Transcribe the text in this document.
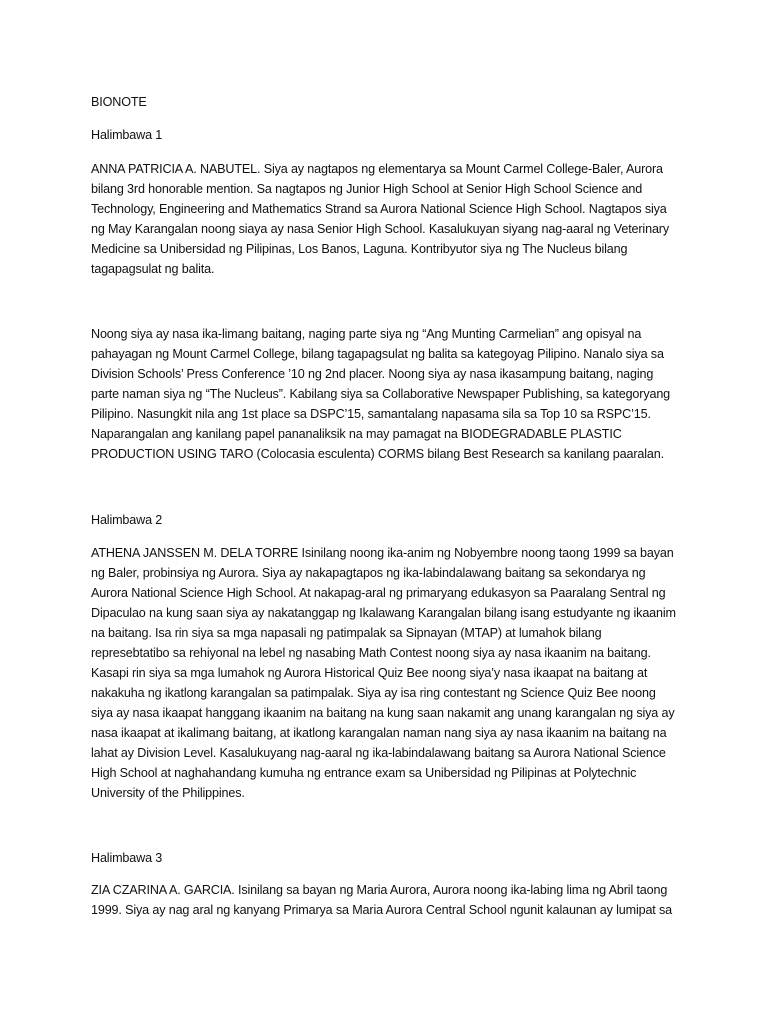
BIONOTE
Halimbawa 1
ANNA PATRICIA A. NABUTEL. Siya ay nagtapos ng elementarya sa Mount Carmel College-Baler, Aurora
bilang 3rd honorable mention. Sa nagtapos ng Junior High School at Senior High School Science and
Technology, Engineering and Mathematics Strand sa Aurora National Science High School. Nagtapos siya
ng May Karangalan noong siaya ay nasa Senior High School. Kasalukuyan siyang nag-aaral ng Veterinary
Medicine sa Unibersidad ng Pilipinas, Los Banos, Laguna. Kontribyutor siya ng The Nucleus bilang
tagapagsulat ng balita.
Noong siya ay nasa ika-limang baitang, naging parte siya ng “Ang Munting Carmelian” ang opisyal na
pahayagan ng Mount Carmel College, bilang tagapagsulat ng balita sa kategoyag Pilipino. Nanalo siya sa
Division Schools’ Press Conference ’10 ng 2nd placer. Noong siya ay nasa ikasampung baitang, naging
parte naman siya ng “The Nucleus”. Kabilang siya sa Collaborative Newspaper Publishing, sa kategoryang
Pilipino. Nasungkit nila ang 1st place sa DSPC’15, samantalang napasama sila sa Top 10 sa RSPC’15.
Naparangalan ang kanilang papel pananaliksik na may pamagat na BIODEGRADABLE PLASTIC
PRODUCTION USING TARO (Colocasia esculenta) CORMS bilang Best Research sa kanilang paaralan.
Halimbawa 2
ATHENA JANSSEN M. DELA TORRE Isinilang noong ika-anim ng Nobyembre noong taong 1999 sa bayan
ng Baler, probinsiya ng Aurora. Siya ay nakapagtapos ng ika-labindalawang baitang sa sekondarya ng
Aurora National Science High School. At nakapag-aral ng primaryang edukasyon sa Paaralang Sentral ng
Dipaculao na kung saan siya ay nakatanggap ng Ikalawang Karangalan bilang isang estudyante ng ikaanim
na baitang. Isa rin siya sa mga napasali ng patimpalak sa Sipnayan (MTAP) at lumahok bilang
represebtatibo sa rehiyonal na lebel ng nasabing Math Contest noong siya ay nasa ikaanim na baitang.
Kasapi rin siya sa mga lumahok ng Aurora Historical Quiz Bee noong siya’y nasa ikaapat na baitang at
nakakuha ng ikatlong karangalan sa patimpalak. Siya ay isa ring contestant ng Science Quiz Bee noong
siya ay nasa ikaapat hanggang ikaanim na baitang na kung saan nakamit ang unang karangalan ng siya ay
nasa ikaapat at ikalimang baitang, at ikatlong karangalan naman nang siya ay nasa ikaanim na baitang na
lahat ay Division Level. Kasalukuyang nag-aaral ng ika-labindalawang baitang sa Aurora National Science
High School at naghahandang kumuha ng entrance exam sa Unibersidad ng Pilipinas at Polytechnic
University of the Philippines.
Halimbawa 3
ZIA CZARINA A. GARCIA. Isinilang sa bayan ng Maria Aurora, Aurora noong ika-labing lima ng Abril taong
1999. Siya ay nag aral ng kanyang Primarya sa Maria Aurora Central School ngunit kalaunan ay lumipat sa
